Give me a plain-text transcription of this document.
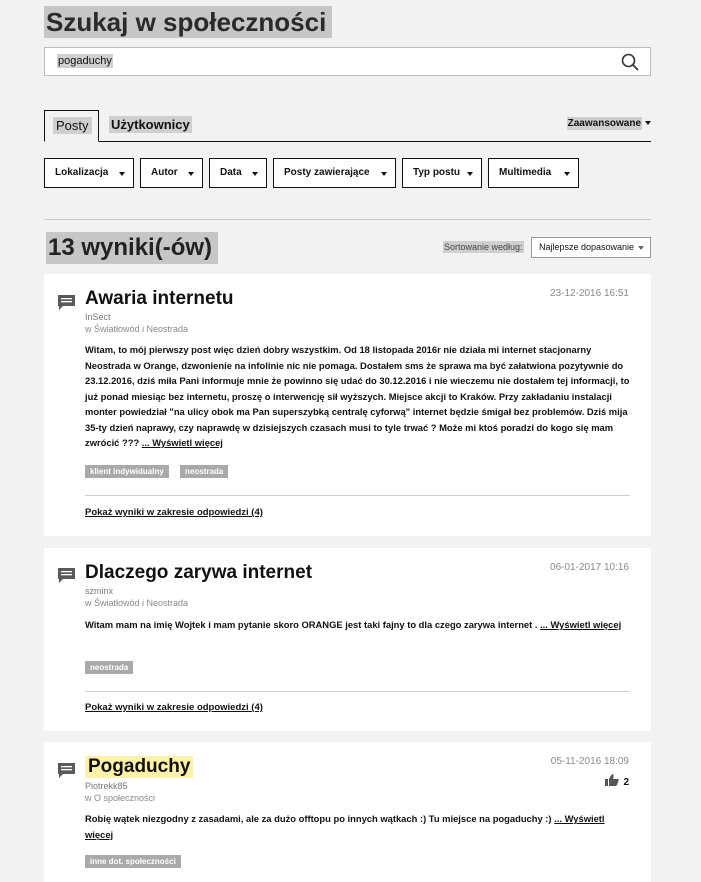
Szukaj w społeczności
pogaduchy
Posty	Użytkownicy	Zaawansowane
Lokalizacja	Autor	Data	Posty zawierające	Typ postu	Multimedia
13 wyniki(-ów)	Sortowanie według:	Najlepsze dopasowanie
Awaria internetu	23-12-2016 16:51
InSect
w Światłowód i Neostrada
Witam, to mój pierwszy post więc dzień dobry wszystkim. Od 18 listopada 2016r nie działa mi internet stacjonarny Neostrada w Orange, dzwonienie na infolinie nic nie pomaga. Dostałem sms że sprawa ma być załatwiona pozytywnie do 23.12.2016, dziś miła Pani informuje mnie że powinno się udać do 30.12.2016 i nie wieczemu nie dostałem tej informacji, to już ponad miesiąc bez internetu, proszę o interwencję sił wyższych. Miejsce akcji to Kraków. Przy zakładaniu instalacji monter powiedział "na ulicy obok ma Pan superszybką centralę cyforwą" internet będzie śmigał bez problemów. Dziś mija 35-ty dzień naprawy, czy naprawdę w dzisiejszych czasach musi to tyle trwać ? Może mi ktoś poradzi do kogo się mam zwrócić ??? ... Wyświetl więcej
klient indywidualny	neostrada
Pokaż wyniki w zakresie odpowiedzi (4)
Dlaczego zarywa internet	06-01-2017 10:16
szminx
w Światłowód i Neostrada
Witam mam na imię Wojtek i mam pytanie skoro ORANGE jest taki fajny to dla czego zarywa internet . ... Wyświetl więcej
neostrada
Pokaż wyniki w zakresie odpowiedzi (4)
Pogaduchy	05-11-2016 18:09
2
Piotrekk85
w O społeczności
Robię wątek niezgodny z zasadami, ale za dużo offtopu po innych wątkach :) Tu miejsce na pogaduchy :) ... Wyświetl więcej
inne dot. społeczności
